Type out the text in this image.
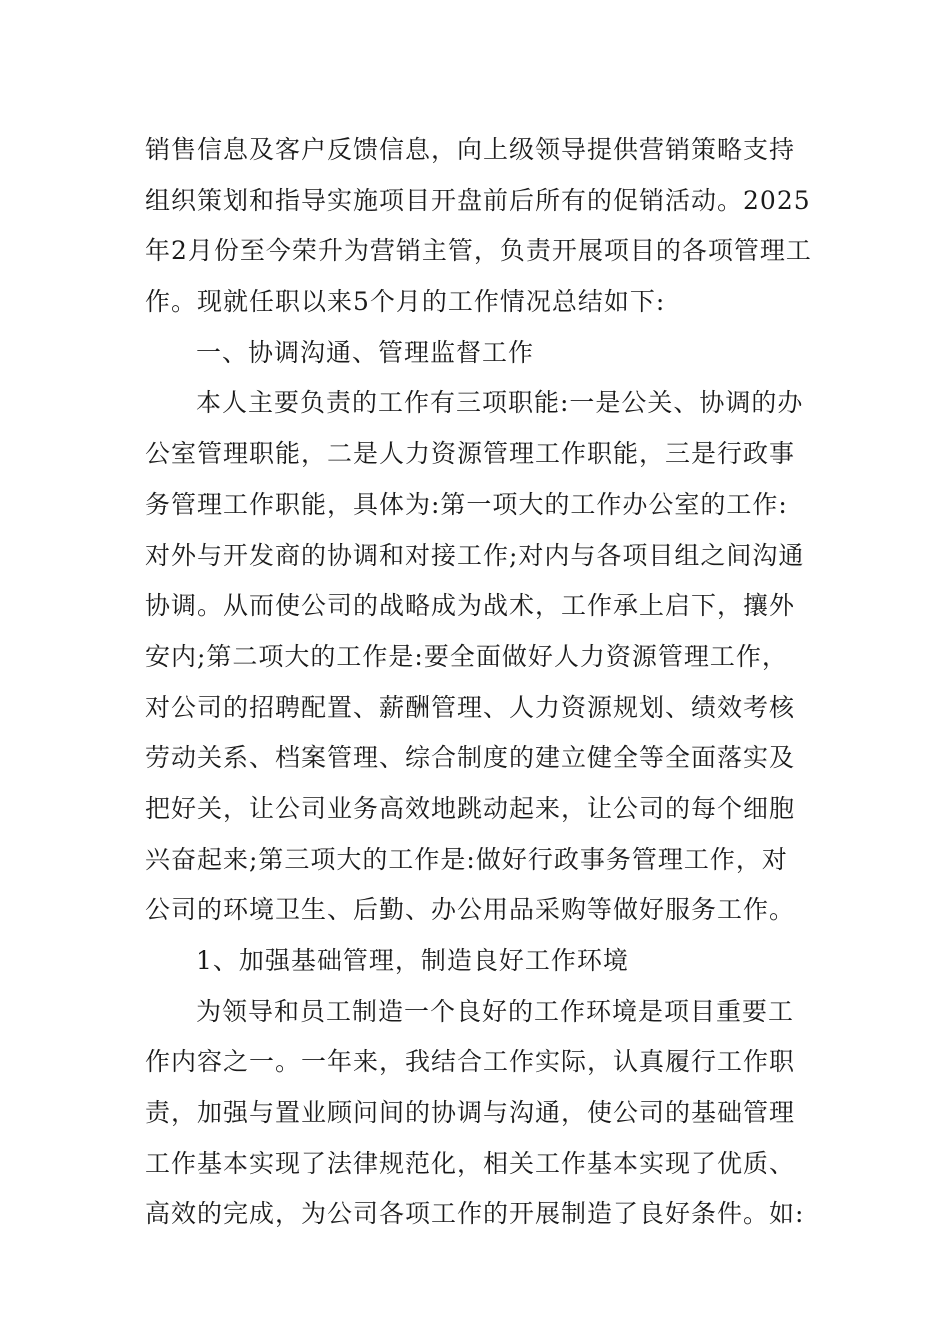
销售信息及客户反馈信息，向上级领导提供营销策略支持
组织策划和指导实施项目开盘前后所有的促销活动。2025
年2月份至今荣升为营销主管，负责开展项目的各项管理工
作。现就任职以来5个月的工作情况总结如下:
一、协调沟通、管理监督工作
本人主要负责的工作有三项职能:一是公关、协调的办
公室管理职能，二是人力资源管理工作职能，三是行政事
务管理工作职能，具体为:第一项大的工作办公室的工作:
对外与开发商的协调和对接工作;对内与各项目组之间沟通
协调。从而使公司的战略成为战术，工作承上启下，攘外
安内;第二项大的工作是:要全面做好人力资源管理工作，
对公司的招聘配置、薪酬管理、人力资源规划、绩效考核
劳动关系、档案管理、综合制度的建立健全等全面落实及
把好关，让公司业务高效地跳动起来，让公司的每个细胞
兴奋起来;第三项大的工作是:做好行政事务管理工作，对
公司的环境卫生、后勤、办公用品采购等做好服务工作。
1、加强基础管理，制造良好工作环境
为领导和员工制造一个良好的工作环境是项目重要工
作内容之一。一年来，我结合工作实际，认真履行工作职
责，加强与置业顾问间的协调与沟通，使公司的基础管理
工作基本实现了法律规范化，相关工作基本实现了优质、
高效的完成，为公司各项工作的开展制造了良好条件。如:
